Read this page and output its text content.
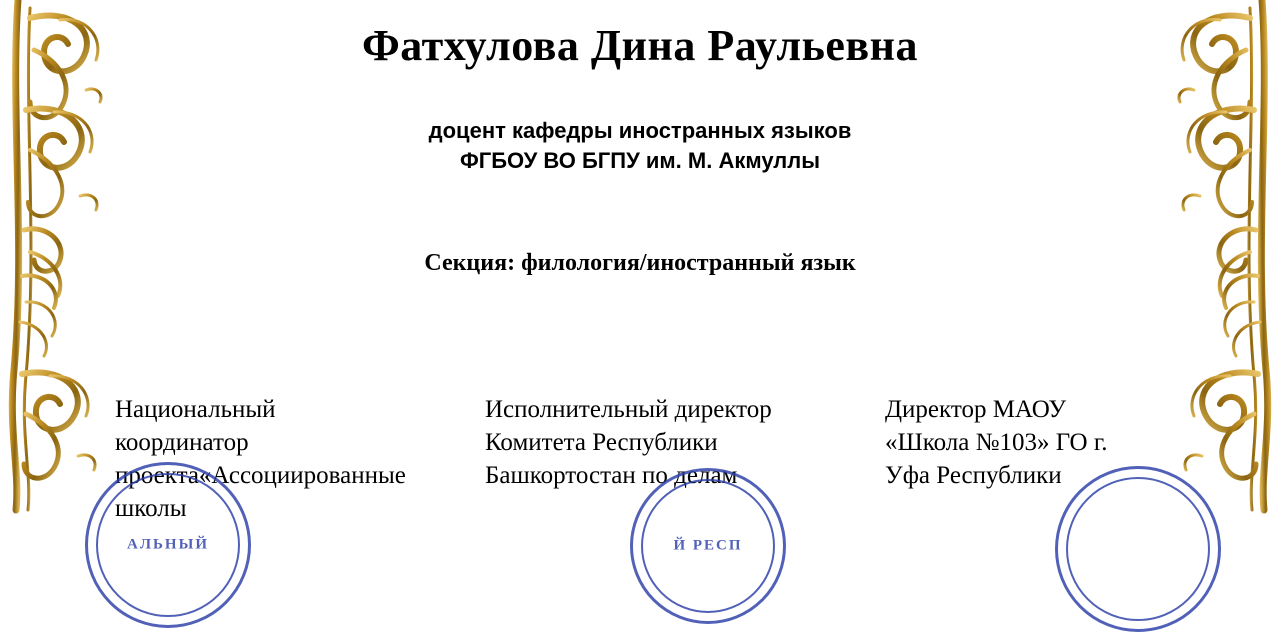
Фатхулова Дина Раульевна
доцент кафедры иностранных языков
ФГБОУ ВО БГПУ им. М. Акмуллы
Секция: филология/иностранный язык
Национальный координатор
проекта«Ассоциированные
школы
Исполнительный директор
Комитета Республики
Башкортостан по делам
Директор МАОУ
«Школа №103» ГО г.
Уфа Республики
АЛЬНЫЙ	Й РЕСП
